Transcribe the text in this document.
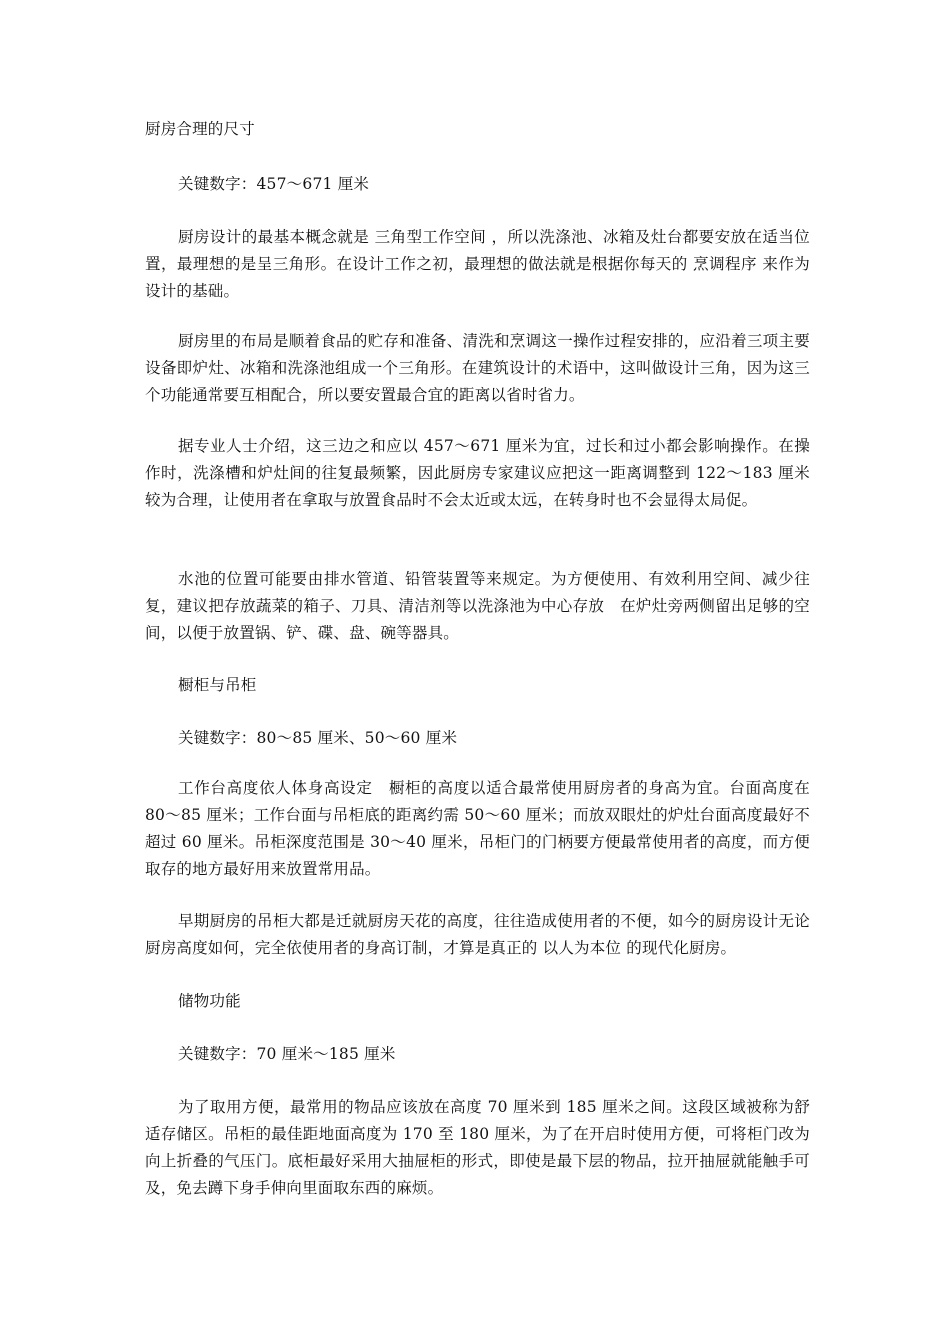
厨房合理的尺寸

关键数字：457～671 厘米

厨房设计的最基本概念就是 三角型工作空间 ，所以洗涤池、冰箱及灶台都要安放在适当位置，最理想的是呈三角形。在设计工作之初，最理想的做法就是根据你每天的 烹调程序 来作为设计的基础。

厨房里的布局是顺着食品的贮存和准备、清洗和烹调这一操作过程安排的，应沿着三项主要设备即炉灶、冰箱和洗涤池组成一个三角形。在建筑设计的术语中，这叫做设计三角，因为这三个功能通常要互相配合，所以要安置最合宜的距离以省时省力。

据专业人士介绍，这三边之和应以 457～671 厘米为宜，过长和过小都会影响操作。在操作时，洗涤槽和炉灶间的往复最频繁，因此厨房专家建议应把这一距离调整到 122～183 厘米较为合理，让使用者在拿取与放置食品时不会太近或太远，在转身时也不会显得太局促。

水池的位置可能要由排水管道、铅管装置等来规定。为方便使用、有效利用空间、减少往复，建议把存放蔬菜的箱子、刀具、清洁剂等以洗涤池为中心存放　在炉灶旁两侧留出足够的空间，以便于放置锅、铲、碟、盘、碗等器具。

橱柜与吊柜

关键数字：80～85 厘米、50～60 厘米

工作台高度依人体身高设定　橱柜的高度以适合最常使用厨房者的身高为宜。台面高度在 80～85 厘米；工作台面与吊柜底的距离约需 50～60 厘米；而放双眼灶的炉灶台面高度最好不超过 60 厘米。吊柜深度范围是 30～40 厘米，吊柜门的门柄要方便最常使用者的高度，而方便取存的地方最好用来放置常用品。

早期厨房的吊柜大都是迁就厨房天花的高度，往往造成使用者的不便，如今的厨房设计无论厨房高度如何，完全依使用者的身高订制，才算是真正的 以人为本位 的现代化厨房。

储物功能

关键数字：70 厘米～185 厘米

为了取用方便，最常用的物品应该放在高度 70 厘米到 185 厘米之间。这段区域被称为舒适存储区。吊柜的最佳距地面高度为 170 至 180 厘米，为了在开启时使用方便，可将柜门改为向上折叠的气压门。底柜最好采用大抽屉柜的形式，即使是最下层的物品，拉开抽屉就能触手可及，免去蹲下身手伸向里面取东西的麻烦。
